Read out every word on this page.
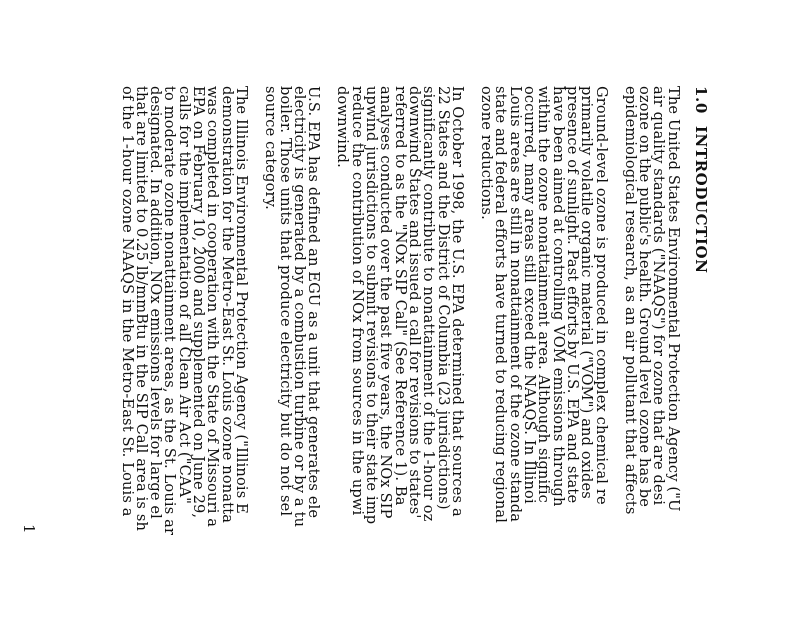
1.0INTRODUCTION

The United States Environmental Protection Agency ("U
air quality standards ("NAAQS") for ozone that are desi
ozone on the public's health. Ground level ozone has be
epidemiological research, as an air pollutant that affects

Ground-level ozone is produced in complex chemical re
primarily volatile organic material ("VOM") and oxides
presence of sunlight. Past efforts by U.S. EPA and state
have been aimed at controlling VOM emissions through
within the ozone nonattainment area. Although signific
occurred, many areas still exceed the NAAQS. In Illinoi
Louis areas are still in nonattainment of the ozone standa
state and federal efforts have turned to reducing regional
ozone reductions.

In October 1998, the U.S. EPA determined that sources a
22 States and the District of Columbia (23 jurisdictions)
significantly contribute to nonattainment of the 1-hour oz
downwind States and issued a call for revisions to states'
referred to as the "NOx SIP Call" (See Reference 1). Ba
analyses conducted over the past five years, the NOx SIP
upwind jurisdictions to submit revisions to their state imp
reduce the contribution of NOx from sources in the upwi
downwind.

U.S. EPA has defined an EGU as a unit that generates ele
electricity is generated by a combustion turbine or by a tu
boiler. Those units that produce electricity but do not sel
source category.

The Illinois Environmental Protection Agency ("Illinois E
demonstration for the Metro-East St. Louis ozone nonatta
was completed in cooperation with the State of Missouri a
EPA on February 10, 2000 and supplemented on June 29,
calls for the implementation of all Clean Air Act ("CAA"
to moderate ozone nonattainment areas, as the St. Louis ar
designated. In addition, NOx emissions levels for large el
that are limited to 0.25 lb/mmBtu in the SIP Call area is sh
of the 1-hour ozone NAAQS in the Metro-East St. Louis a

1
